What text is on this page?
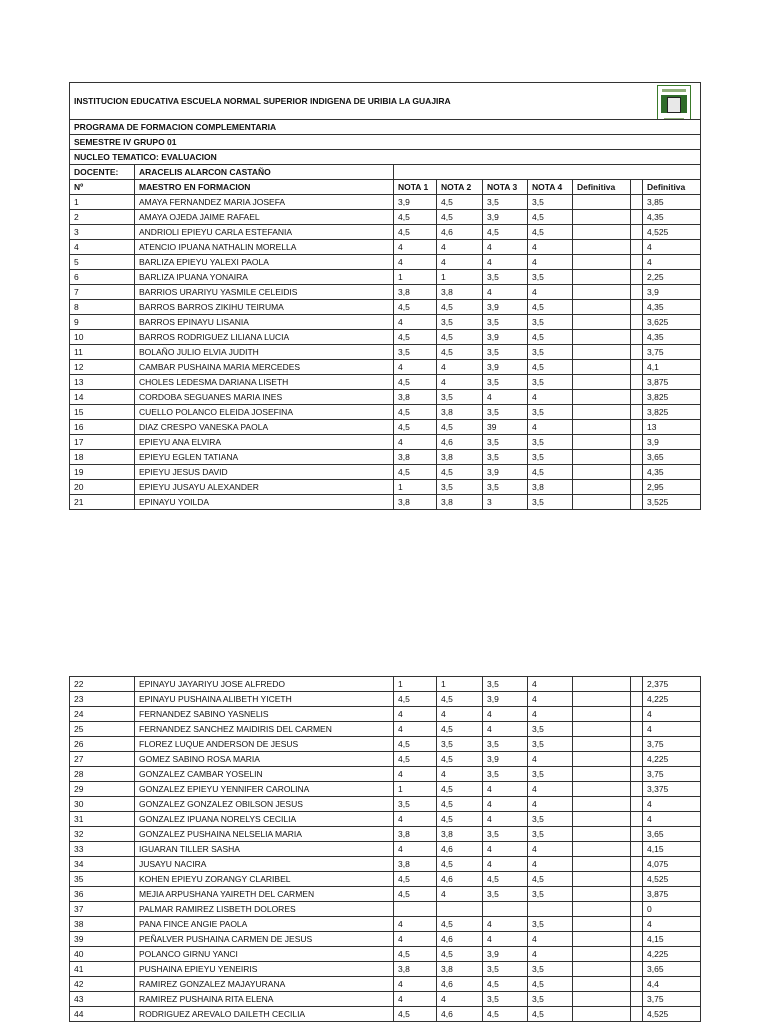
INSTITUCION EDUCATIVA ESCUELA NORMAL SUPERIOR INDIGENA DE URIBIA LA GUAJIRA								

PROGRAMA DE FORMACION COMPLEMENTARIA								
SEMESTRE IV GRUPO 01								
NUCLEO TEMATICO: EVALUACION								
DOCENTE:	ARACELIS ALARCON CASTAÑO							
Nº	MAESTRO EN FORMACION	NOTA 1	NOTA 2	NOTA 3	NOTA 4	Definitiva		Definitiva
1	AMAYA FERNANDEZ MARIA JOSEFA	3,9	4,5	3,5	3,5			3,85
2	AMAYA OJEDA JAIME RAFAEL	4,5	4,5	3,9	4,5			4,35
3	ANDRIOLI EPIEYU CARLA ESTEFANIA	4,5	4,6	4,5	4,5			4,525
4	ATENCIO IPUANA NATHALIN MORELLA	4	4	4	4			4
5	BARLIZA EPIEYU YALEXI PAOLA	4	4	4	4			4
6	BARLIZA IPUANA YONAIRA	1	1	3,5	3,5			2,25
7	BARRIOS URARIYU YASMILE CELEIDIS	3,8	3,8	4	4			3,9
8	BARROS BARROS ZIKIHU TEIRUMA	4,5	4,5	3,9	4,5			4,35
9	BARROS EPINAYU LISANIA	4	3,5	3,5	3,5			3,625
10	BARROS RODRIGUEZ LILIANA LUCIA	4,5	4,5	3,9	4,5			4,35
11	BOLAÑO JULIO ELVIA JUDITH	3,5	4,5	3,5	3,5			3,75
12	CAMBAR PUSHAINA MARIA MERCEDES	4	4	3,9	4,5			4,1
13	CHOLES LEDESMA DARIANA LISETH	4,5	4	3,5	3,5			3,875
14	CORDOBA SEGUANES MARIA INES	3,8	3,5	4	4			3,825
15	CUELLO POLANCO ELEIDA JOSEFINA	4,5	3,8	3,5	3,5			3,825
16	DIAZ CRESPO VANESKA PAOLA	4,5	4,5	39	4			13
17	EPIEYU ANA ELVIRA	4	4,6	3,5	3,5			3,9
18	EPIEYU EGLEN TATIANA	3,8	3,8	3,5	3,5			3,65
19	EPIEYU JESUS DAVID	4,5	4,5	3,9	4,5			4,35
20	EPIEYU JUSAYU ALEXANDER	1	3,5	3,5	3,8			2,95
21	EPINAYU YOILDA	3,8	3,8	3	3,5			3,525
22	EPINAYU JAYARIYU JOSE ALFREDO	1	1	3,5	4			2,375
23	EPINAYU PUSHAINA ALIBETH YICETH	4,5	4,5	3,9	4			4,225
24	FERNANDEZ SABINO YASNELIS	4	4	4	4			4
25	FERNANDEZ SANCHEZ MAIDIRIS DEL CARMEN	4	4,5	4	3,5			4
26	FLOREZ LUQUE ANDERSON DE JESUS	4,5	3,5	3,5	3,5			3,75
27	GOMEZ SABINO ROSA MARIA	4,5	4,5	3,9	4			4,225
28	GONZALEZ CAMBAR YOSELIN	4	4	3,5	3,5			3,75
29	GONZALEZ EPIEYU YENNIFER CAROLINA	1	4,5	4	4			3,375
30	GONZALEZ GONZALEZ OBILSON JESUS	3,5	4,5	4	4			4
31	GONZALEZ IPUANA NORELYS CECILIA	4	4,5	4	3,5			4
32	GONZALEZ PUSHAINA NELSELIA MARIA	3,8	3,8	3,5	3,5			3,65
33	IGUARAN TILLER SASHA	4	4,6	4	4			4,15
34	JUSAYU NACIRA	3,8	4,5	4	4			4,075
35	KOHEN EPIEYU ZORANGY CLARIBEL	4,5	4,6	4,5	4,5			4,525
36	MEJIA ARPUSHANA YAIRETH DEL CARMEN	4,5	4	3,5	3,5			3,875
37	PALMAR RAMIREZ LISBETH DOLORES							0
38	PANA FINCE ANGIE PAOLA	4	4,5	4	3,5			4
39	PEÑALVER PUSHAINA CARMEN DE JESUS	4	4,6	4	4			4,15
40	POLANCO GIRNU YANCI	4,5	4,5	3,9	4			4,225
41	PUSHAINA EPIEYU YENEIRIS	3,8	3,8	3,5	3,5			3,65
42	RAMIREZ GONZALEZ MAJAYURANA	4	4,6	4,5	4,5			4,4
43	RAMIREZ PUSHAINA RITA ELENA	4	4	3,5	3,5			3,75
44	RODRIGUEZ AREVALO DAILETH CECILIA	4,5	4,6	4,5	4,5			4,525
